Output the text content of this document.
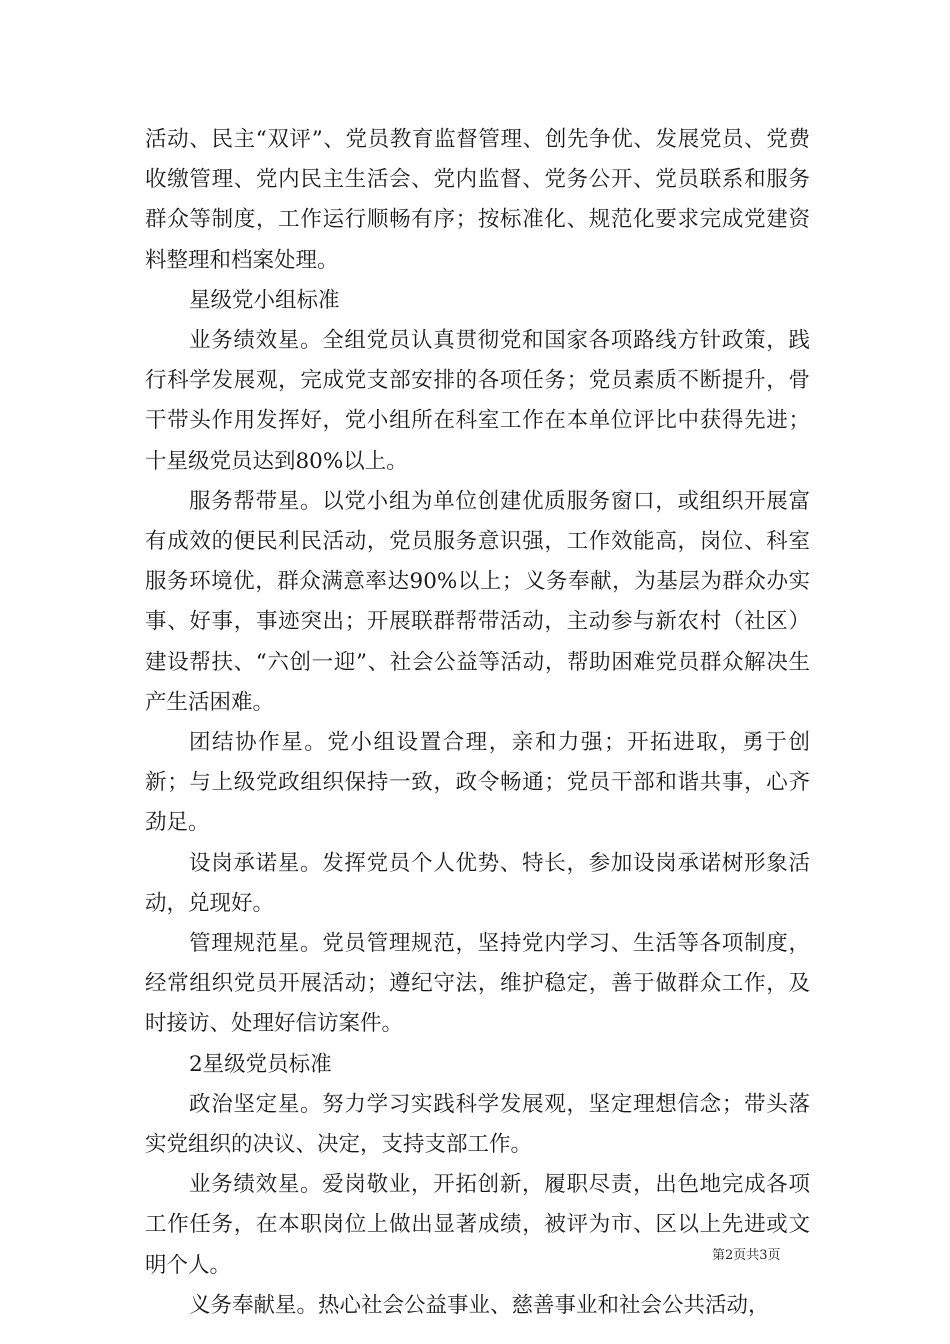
活动、民主“双评”、党员教育监督管理、创先争优、发展党员、党费收缴管理、党内民主生活会、党内监督、党务公开、党员联系和服务群众等制度，工作运行顺畅有序；按标准化、规范化要求完成党建资料整理和档案处理。

星级党小组标准

业务绩效星。全组党员认真贯彻党和国家各项路线方针政策，践行科学发展观，完成党支部安排的各项任务；党员素质不断提升，骨干带头作用发挥好，党小组所在科室工作在本单位评比中获得先进；十星级党员达到80%以上。

服务帮带星。以党小组为单位创建优质服务窗口，或组织开展富有成效的便民利民活动，党员服务意识强，工作效能高，岗位、科室服务环境优，群众满意率达90%以上；义务奉献，为基层为群众办实事、好事，事迹突出；开展联群帮带活动，主动参与新农村（社区）建设帮扶、“六创一迎”、社会公益等活动，帮助困难党员群众解决生产生活困难。

团结协作星。党小组设置合理，亲和力强；开拓进取，勇于创新；与上级党政组织保持一致，政令畅通；党员干部和谐共事，心齐劲足。

设岗承诺星。发挥党员个人优势、特长，参加设岗承诺树形象活动，兑现好。

管理规范星。党员管理规范，坚持党内学习、生活等各项制度，经常组织党员开展活动；遵纪守法，维护稳定，善于做群众工作，及时接访、处理好信访案件。

2星级党员标准

政治坚定星。努力学习实践科学发展观，坚定理想信念；带头落实党组织的决议、决定，支持支部工作。

业务绩效星。爱岗敬业，开拓创新，履职尽责，出色地完成各项工作任务，在本职岗位上做出显著成绩，被评为市、区以上先进或文明个人。

义务奉献星。热心社会公益事业、慈善事业和社会公共活动，

第2页共3页
